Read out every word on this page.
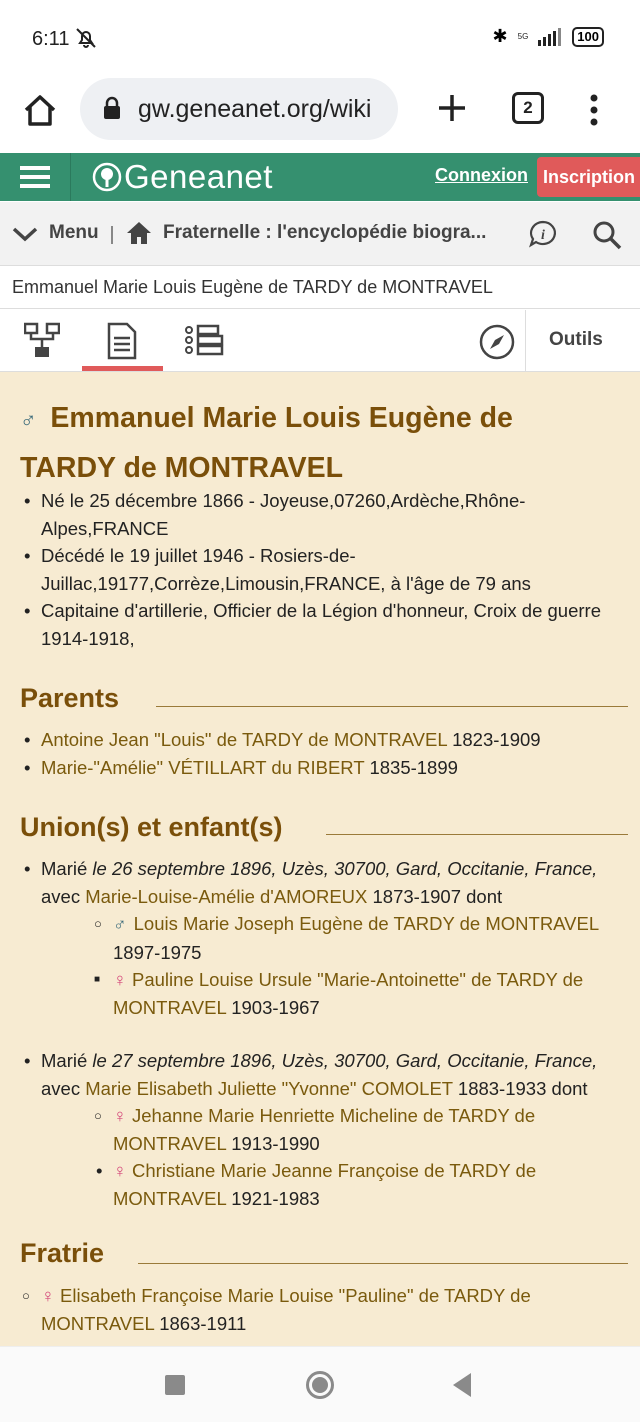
6:11	✱ 5G	100
gw.geneanet.org/wiki	2
Geneanet	Connexion Inscription
Menu	Fraternelle : l'encyclopédie biogra...	i
Emmanuel Marie Louis Eugène de TARDY de MONTRAVEL
Outils
♂ Emmanuel Marie Louis Eugène de
TARDY de MONTRAVEL
• Né le 25 décembre 1866 - Joyeuse,07260,Ardèche,Rhône-Alpes,FRANCE
• Décédé le 19 juillet 1946 - Rosiers-de-Juillac,19177,Corrèze,Limousin,FRANCE, à l'âge de 79 ans
• Capitaine d'artillerie, Officier de la Légion d'honneur, Croix de guerre 1914-1918,
Parents
• Antoine Jean "Louis" de TARDY de MONTRAVEL 1823-1909
• Marie-"Amélie" VÉTILLART du RIBERT 1835-1899
Union(s) et enfant(s)
• Marié le 26 septembre 1896, Uzès, 30700, Gard, Occitanie, France,
avec Marie-Louise-Amélie d'AMOREUX 1873-1907 dont
○ ♂ Louis Marie Joseph Eugène de TARDY de MONTRAVEL 1897-1975
■ ♀ Pauline Louise Ursule "Marie-Antoinette" de TARDY de MONTRAVEL 1903-1967
• Marié le 27 septembre 1896, Uzès, 30700, Gard, Occitanie, France,
avec Marie Elisabeth Juliette "Yvonne" COMOLET 1883-1933 dont
○ ♀ Jehanne Marie Henriette Micheline de TARDY de MONTRAVEL 1913-1990
• ♀ Christiane Marie Jeanne Françoise de TARDY de MONTRAVEL 1921-1983
Fratrie
○ ♀ Elisabeth Françoise Marie Louise "Pauline" de TARDY de MONTRAVEL 1863-1911
